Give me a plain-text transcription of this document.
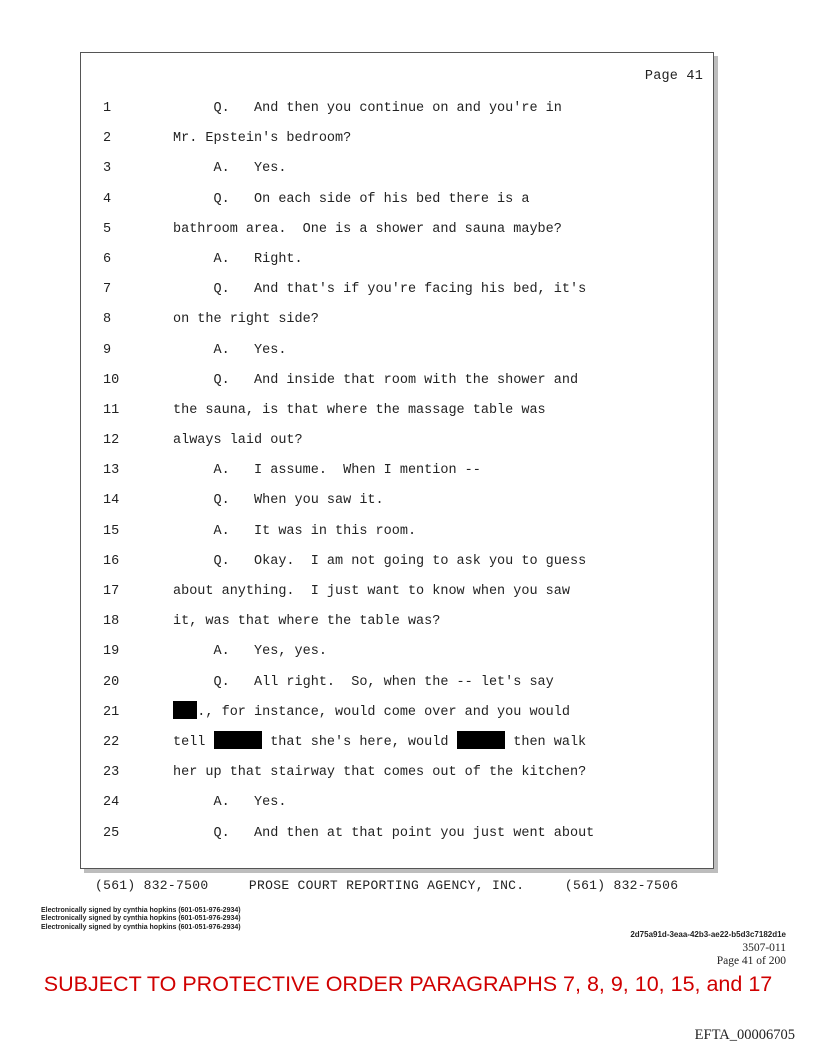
Page 41
1	Q.   And then you continue on and you're in
2	Mr. Epstein's bedroom?
3	A.   Yes.
4	Q.   On each side of his bed there is a
5	bathroom area.  One is a shower and sauna maybe?
6	A.   Right.
7	Q.   And that's if you're facing his bed, it's
8	on the right side?
9	A.   Yes.
10	Q.   And inside that room with the shower and
11	the sauna, is that where the massage table was
12	always laid out?
13	A.   I assume.  When I mention --
14	Q.   When you saw it.
15	A.   It was in this room.
16	Q.   Okay.  I am not going to ask you to guess
17	about anything.  I just want to know when you saw
18	it, was that where the table was?
19	A.   Yes, yes.
20	Q.   All right.  So, when the -- let's say
21	., for instance, would come over and you would
22	tell	that she's here, would	then walk
23	her up that stairway that comes out of the kitchen?
24	A.   Yes.
25	Q.   And then at that point you just went about
(561) 832-7500     PROSE COURT REPORTING AGENCY, INC.     (561) 832-7506
Electronically signed by cynthia hopkins (601-051-976-2934)
Electronically signed by cynthia hopkins (601-051-976-2934)
Electronically signed by cynthia hopkins (601-051-976-2934)
2d75a91d-3eaa-42b3-ae22-b5d3c7182d1e
3507-011
Page 41 of 200
SUBJECT TO PROTECTIVE ORDER PARAGRAPHS 7, 8, 9, 10, 15, and 17
EFTA_00006705
